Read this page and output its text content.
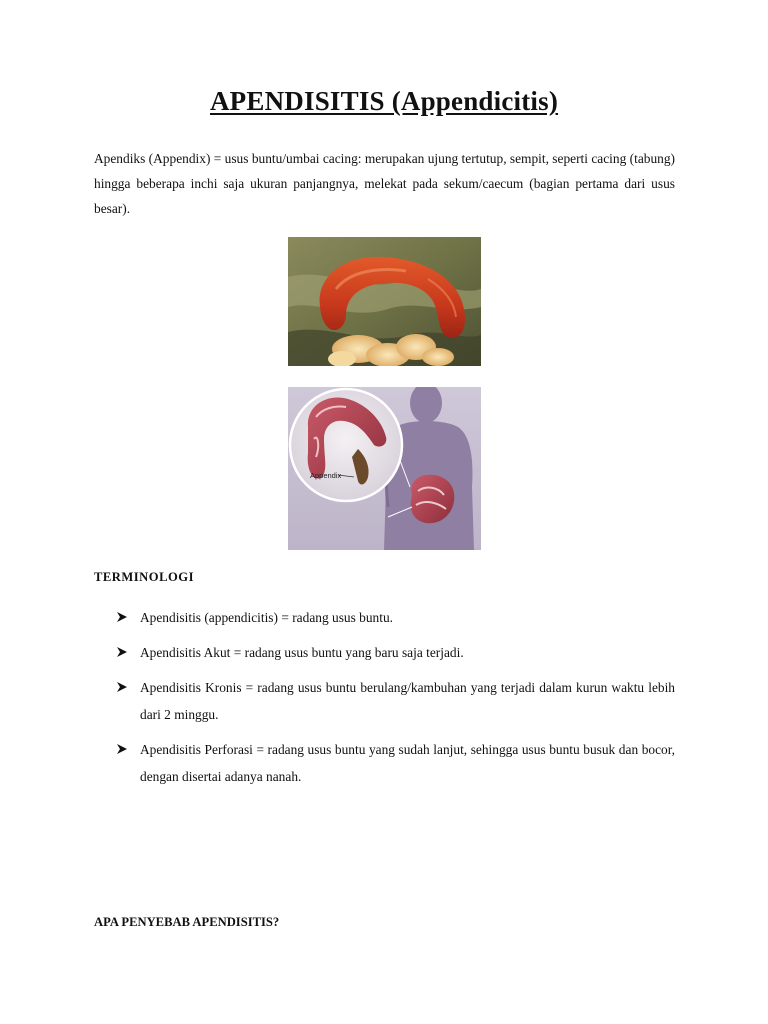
APENDISITIS (Appendicitis)

Apendiks (Appendix) = usus buntu/umbai cacing: merupakan ujung tertutup, sempit, seperti cacing (tabung) hingga beberapa inchi saja ukuran panjangnya, melekat pada sekum/caecum (bagian pertama dari usus besar).

Appendix
TERMINOLOGI
Apendisitis (appendicitis) = radang usus buntu.
Apendisitis Akut = radang usus buntu yang baru saja terjadi.
Apendisitis Kronis = radang usus buntu berulang/kambuhan yang terjadi dalam kurun waktu lebih dari 2 minggu.
Apendisitis Perforasi = radang usus buntu yang sudah lanjut, sehingga usus buntu busuk dan bocor, dengan disertai adanya nanah.
APA PENYEBAB APENDISITIS?
